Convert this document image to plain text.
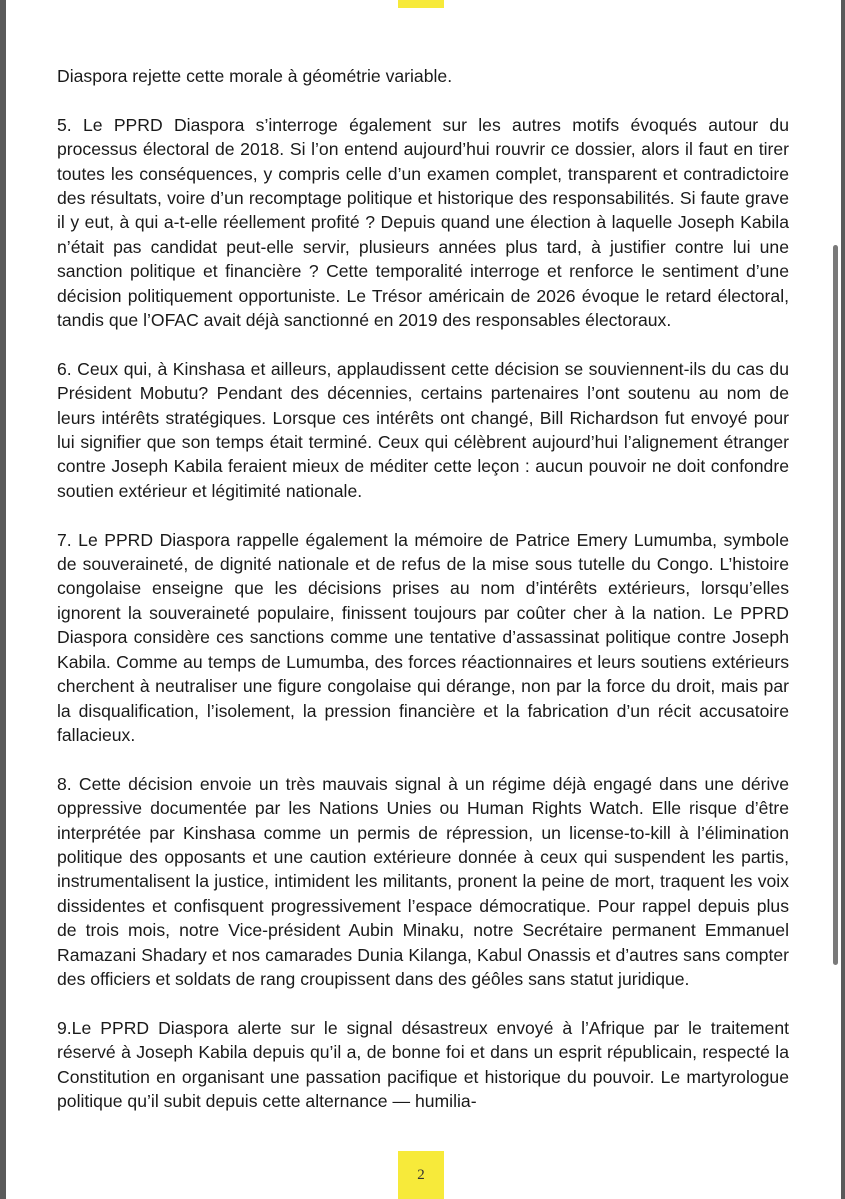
Diaspora rejette cette morale à géométrie variable.

5. Le PPRD Diaspora s’interroge également sur les autres motifs évoqués autour du processus électoral de 2018. Si l’on entend aujourd’hui rouvrir ce dossier, alors il faut en tirer toutes les conséquences, y compris celle d’un examen complet, transparent et contradictoire des résultats, voire d’un recomptage politique et historique des responsabilités. Si faute grave il y eut, à qui a-t-elle réellement profité ? Depuis quand une élection à laquelle Joseph Kabila n’était pas candidat peut-elle servir, plusieurs années plus tard, à justifier contre lui une sanction politique et financière ? Cette temporalité interroge et renforce le sentiment d’une décision politiquement opportuniste. Le Trésor américain de 2026 évoque le retard électoral, tandis que l’OFAC avait déjà sanctionné en 2019 des responsables électoraux.

6. Ceux qui, à Kinshasa et ailleurs, applaudissent cette décision se souviennent-ils du cas du Président Mobutu? Pendant des décennies, certains partenaires l’ont soutenu au nom de leurs intérêts stratégiques. Lorsque ces intérêts ont changé, Bill Richardson fut envoyé pour lui signifier que son temps était terminé. Ceux qui célèbrent aujourd’hui l’alignement étranger contre Joseph Kabila feraient mieux de méditer cette leçon : aucun pouvoir ne doit confondre soutien extérieur et légitimité nationale.

7. Le PPRD Diaspora rappelle également la mémoire de Patrice Emery Lumumba, symbole de souveraineté, de dignité nationale et de refus de la mise sous tutelle du Congo. L’histoire congolaise enseigne que les décisions prises au nom d’intérêts extérieurs, lorsqu’elles ignorent la souveraineté populaire, finissent toujours par coûter cher à la nation. Le PPRD Diaspora considère ces sanctions comme une tentative d’assassinat politique contre Joseph Kabila. Comme au temps de Lumumba, des forces réactionnaires et leurs soutiens extérieurs cherchent à neutraliser une figure congolaise qui dérange, non par la force du droit, mais par la disqualification, l’isolement, la pression financière et la fabrication d’un récit accusatoire fallacieux.

8. Cette décision envoie un très mauvais signal à un régime déjà engagé dans une dérive oppressive documentée par les Nations Unies ou Human Rights Watch. Elle risque d’être interprétée par Kinshasa comme un permis de répression, un license-to-kill à l’élimination politique des opposants et une caution extérieure donnée à ceux qui suspendent les partis, instrumentalisent la justice, intimident les militants, pronent la peine de mort, traquent les voix dissidentes et confisquent progressivement l’espace démocratique. Pour rappel depuis plus de trois mois, notre Vice-président Aubin Minaku, notre Secrétaire permanent Emmanuel Ramazani Shadary et nos camarades Dunia Kilanga, Kabul Onassis et d’autres sans compter des officiers et soldats de rang croupissent dans des géôles sans statut juridique.

9.Le PPRD Diaspora alerte sur le signal désastreux envoyé à l’Afrique par le traitement réservé à Joseph Kabila depuis qu’il a, de bonne foi et dans un esprit républicain, respecté la Constitution en organisant une passation pacifique et historique du pouvoir. Le martyrologue politique qu’il subit depuis cette alternance — humilia-

2
